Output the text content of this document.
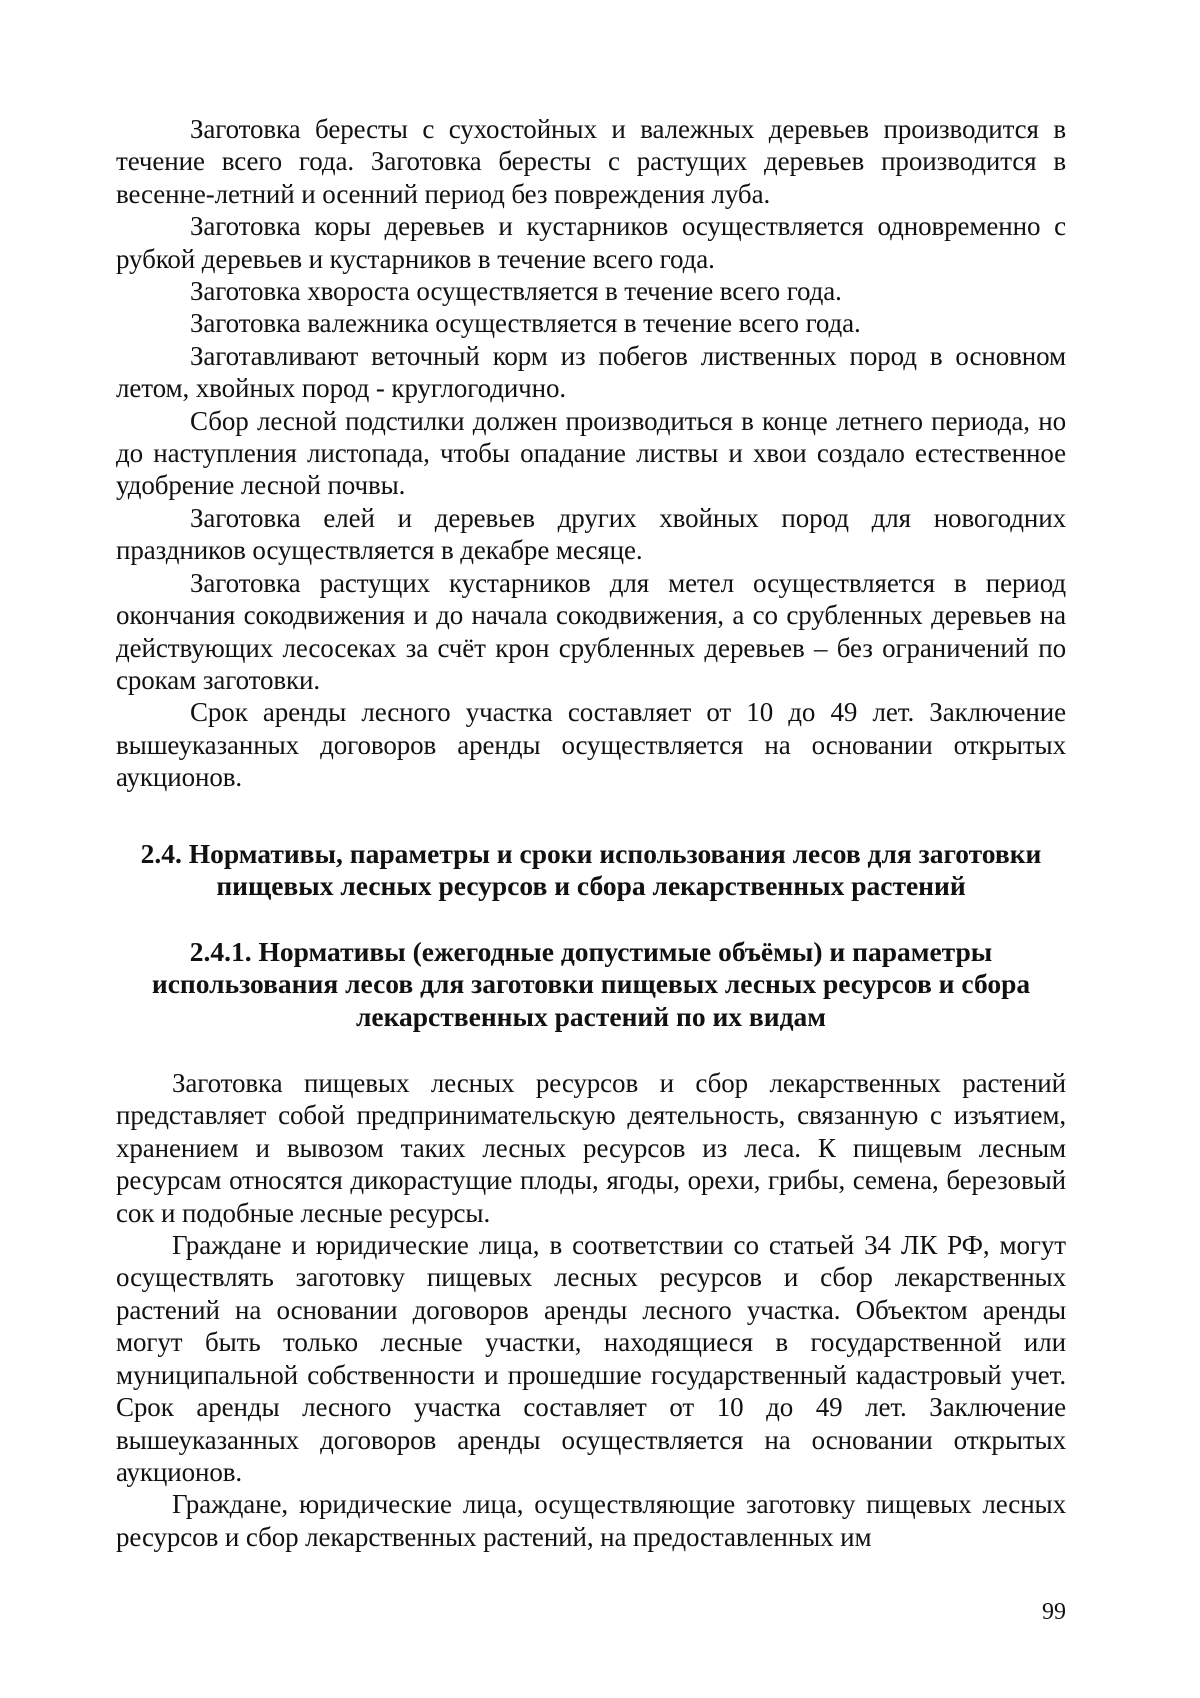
Заготовка бересты с сухостойных и валежных деревьев производится в течение всего года. Заготовка бересты с растущих деревьев производится в весенне-летний и осенний период без повреждения луба.

Заготовка коры деревьев и кустарников осуществляется одновременно с рубкой деревьев и кустарников в течение всего года.

Заготовка хвороста осуществляется в течение всего года.

Заготовка валежника осуществляется в течение всего года.

Заготавливают веточный корм из побегов лиственных пород в основном летом, хвойных пород - круглогодично.

Сбор лесной подстилки должен производиться в конце летнего периода, но до наступления листопада, чтобы опадание листвы и хвои создало естественное удобрение лесной почвы.

Заготовка елей и деревьев других хвойных пород для новогодних праздников осуществляется в декабре месяце.

Заготовка растущих кустарников для метел осуществляется в период окончания сокодвижения и до начала сокодвижения, а со срубленных деревьев на действующих лесосеках за счёт крон срубленных деревьев – без ограничений по срокам заготовки.

Срок аренды лесного участка составляет от 10 до 49 лет. Заключение вышеуказанных договоров аренды осуществляется на основании открытых аукционов.

2.4. Нормативы, параметры и сроки использования лесов для заготовки пищевых лесных ресурсов и сбора лекарственных растений
2.4.1. Нормативы (ежегодные допустимые объёмы) и параметры использования лесов для заготовки пищевых лесных ресурсов и сбора лекарственных растений по их видам

Заготовка пищевых лесных ресурсов и сбор лекарственных растений представляет собой предпринимательскую деятельность, связанную с изъятием, хранением и вывозом таких лесных ресурсов из леса. К пищевым лесным ресурсам относятся дикорастущие плоды, ягоды, орехи, грибы, семена, березовый сок и подобные лесные ресурсы.

Граждане и юридические лица, в соответствии со статьей 34 ЛК РФ, могут осуществлять заготовку пищевых лесных ресурсов и сбор лекарственных растений на основании договоров аренды лесного участка. Объектом аренды могут быть только лесные участки, находящиеся в государственной или муниципальной собственности и прошедшие государственный кадастровый учет. Срок аренды лесного участка составляет от 10 до 49 лет. Заключение вышеуказанных договоров аренды осуществляется на основании открытых аукционов.

Граждане, юридические лица, осуществляющие заготовку пищевых лесных ресурсов и сбор лекарственных растений, на предоставленных им

99
